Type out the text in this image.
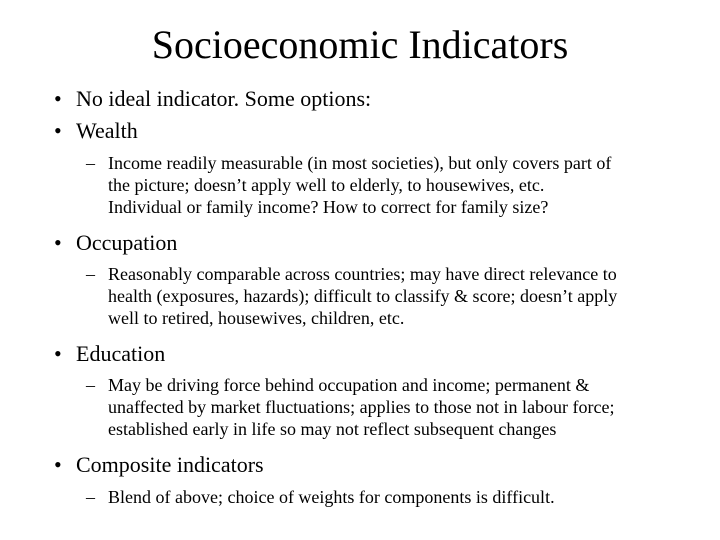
Socioeconomic Indicators
• No ideal indicator. Some options:
• Wealth
– Income readily measurable (in most societies), but only covers part of
the picture; doesn’t apply well to elderly, to housewives, etc.
Individual or family income? How to correct for family size?
• Occupation
– Reasonably comparable across countries; may have direct relevance to
health (exposures, hazards); difficult to classify & score; doesn’t apply
well to retired, housewives, children, etc.
• Education
– May be driving force behind occupation and income; permanent &
unaffected by market fluctuations; applies to those not in labour force;
established early in life so may not reflect subsequent changes
• Composite indicators
– Blend of above; choice of weights for components is difficult.
